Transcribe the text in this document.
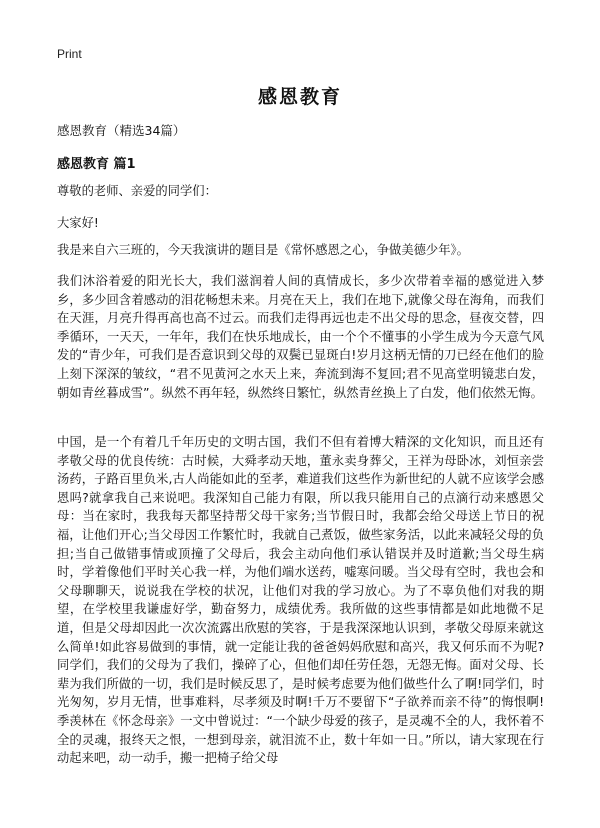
Print
感恩教育
感恩教育（精选34篇）
感恩教育 篇1

尊敬的老师、亲爱的同学们：

大家好!

我是来自六三班的，今天我演讲的题目是《常怀感恩之心，争做美德少年》。

我们沐浴着爱的阳光长大，我们滋润着人间的真情成长，多少次带着幸福的感觉进入梦乡，多少回含着感动的泪花畅想未来。月亮在天上，我们在地下,就像父母在海角，而我们在天涯，月亮升得再高也高不过云。而我们走得再远也走不出父母的思念，昼夜交替，四季循环，一天天，一年年，我们在快乐地成长，由一个个不懂事的小学生成为今天意气风发的“青少年，可我们是否意识到父母的双鬓已显斑白!岁月这柄无情的刀已经在他们的脸上刻下深深的皱纹，“君不见黄河之水天上来，奔流到海不复回;君不见高堂明镜悲白发，朝如青丝暮成雪”。纵然不再年轻，纵然终日繁忙，纵然青丝换上了白发，他们依然无悔。

中国，是一个有着几千年历史的文明古国，我们不但有着博大精深的文化知识，而且还有孝敬父母的优良传统：古时候，大舜孝动天地，董永卖身葬父，王祥为母卧冰，刘恒亲尝汤药，子路百里负米,古人尚能如此的至孝，难道我们这些作为新世纪的人就不应该学会感恩吗?就拿我自己来说吧。我深知自己能力有限，所以我只能用自己的点滴行动来感恩父母：当在家时，我我每天都坚持帮父母干家务;当节假日时，我都会给父母送上节日的祝福，让他们开心;当父母因工作繁忙时，我就自己煮饭，做些家务活，以此来减轻父母的负担;当自己做错事情或顶撞了父母后，我会主动向他们承认错误并及时道歉;当父母生病时，学着像他们平时关心我一样，为他们端水送药，嘘寒问暖。当父母有空时，我也会和父母聊聊天，说说我在学校的状况，让他们对我的学习放心。为了不辜负他们对我的期望，在学校里我谦虚好学，勤奋努力，成绩优秀。我所做的这些事情都是如此地微不足道，但是父母却因此一次次流露出欣慰的笑容，于是我深深地认识到，孝敬父母原来就这么简单!如此容易做到的事情，就一定能让我的爸爸妈妈欣慰和高兴，我又何乐而不为呢?同学们，我们的父母为了我们，操碎了心，但他们却任劳任怨，无怨无悔。面对父母、长辈为我们所做的一切，我们是时候反思了，是时候考虑要为他们做些什么了啊!同学们，时光匆匆，岁月无情，世事难料，尽孝须及时啊!千万不要留下“子欲养而亲不待”的悔恨啊!季羡林在《怀念母亲》一文中曾说过：“一个缺少母爱的孩子，是灵魂不全的人，我怀着不全的灵魂，报终天之恨，一想到母亲，就泪流不止，数十年如一日。”所以，请大家现在行动起来吧，动一动手，搬一把椅子给父母
